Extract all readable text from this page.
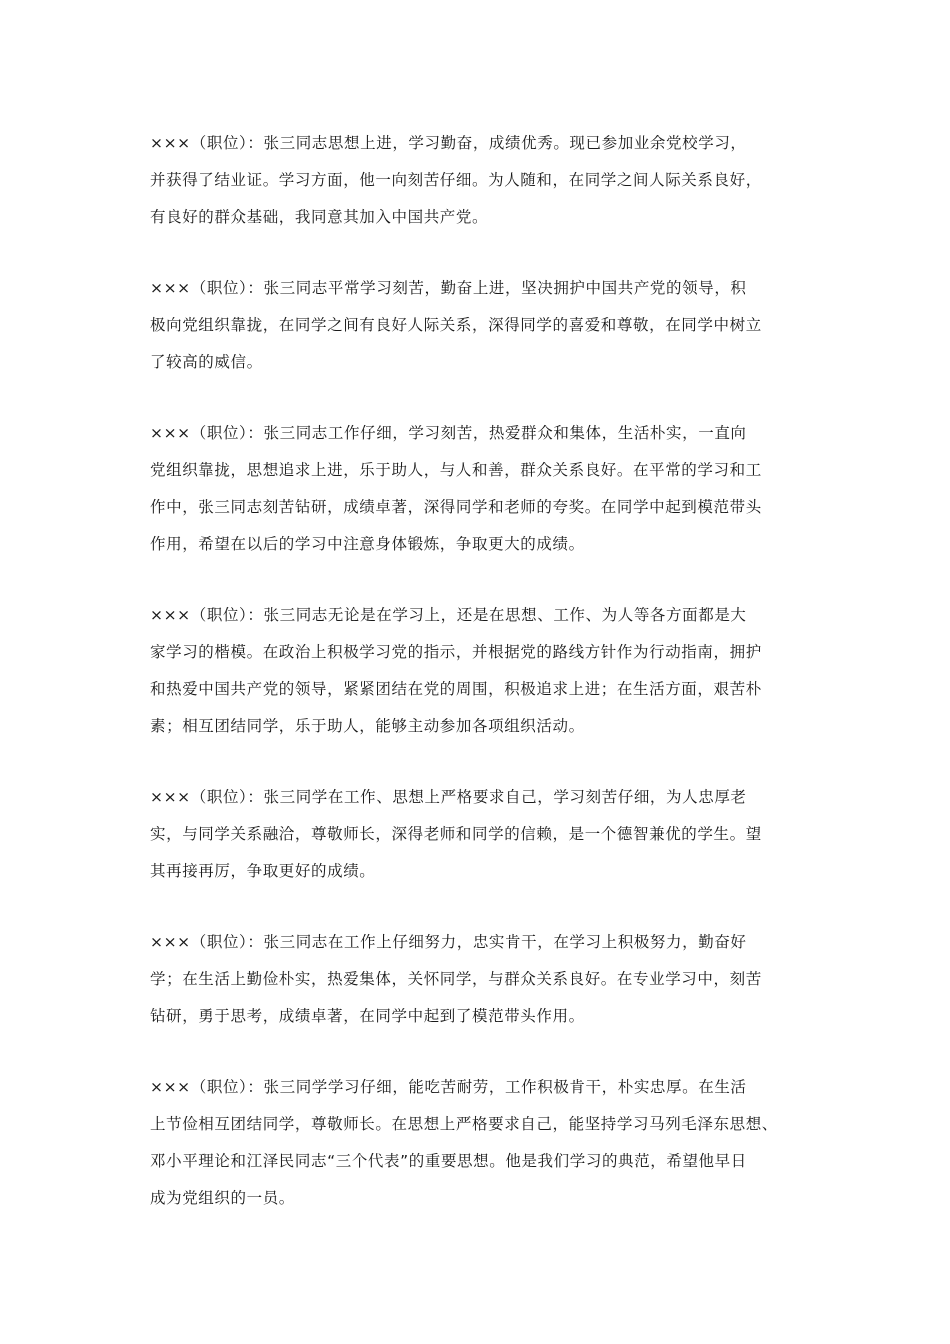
×××（职位）：张三同志思想上进，学习勤奋，成绩优秀。现已参加业余党校学习，
并获得了结业证。学习方面，他一向刻苦仔细。为人随和，在同学之间人际关系良好，
有良好的群众基础，我同意其加入中国共产党。
×××（职位）：张三同志平常学习刻苦，勤奋上进，坚决拥护中国共产党的领导，积
极向党组织靠拢，在同学之间有良好人际关系，深得同学的喜爱和尊敬，在同学中树立
了较高的威信。
×××（职位）：张三同志工作仔细，学习刻苦，热爱群众和集体，生活朴实，一直向
党组织靠拢，思想追求上进，乐于助人，与人和善，群众关系良好。在平常的学习和工
作中，张三同志刻苦钻研，成绩卓著，深得同学和老师的夸奖。在同学中起到模范带头
作用，希望在以后的学习中注意身体锻炼，争取更大的成绩。
×××（职位）：张三同志无论是在学习上，还是在思想、工作、为人等各方面都是大
家学习的楷模。在政治上积极学习党的指示，并根据党的路线方针作为行动指南，拥护
和热爱中国共产党的领导，紧紧团结在党的周围，积极追求上进；在生活方面，艰苦朴
素；相互团结同学，乐于助人，能够主动参加各项组织活动。
×××（职位）：张三同学在工作、思想上严格要求自己，学习刻苦仔细，为人忠厚老
实，与同学关系融洽，尊敬师长，深得老师和同学的信赖，是一个德智兼优的学生。望
其再接再厉，争取更好的成绩。
×××（职位）：张三同志在工作上仔细努力，忠实肯干，在学习上积极努力，勤奋好
学；在生活上勤俭朴实，热爱集体，关怀同学，与群众关系良好。在专业学习中，刻苦
钻研，勇于思考，成绩卓著，在同学中起到了模范带头作用。
×××（职位）：张三同学学习仔细，能吃苦耐劳，工作积极肯干，朴实忠厚。在生活
上节俭相互团结同学，尊敬师长。在思想上严格要求自己，能坚持学习马列毛泽东思想、
邓小平理论和江泽民同志“三个代表”的重要思想。他是我们学习的典范，希望他早日
成为党组织的一员。
